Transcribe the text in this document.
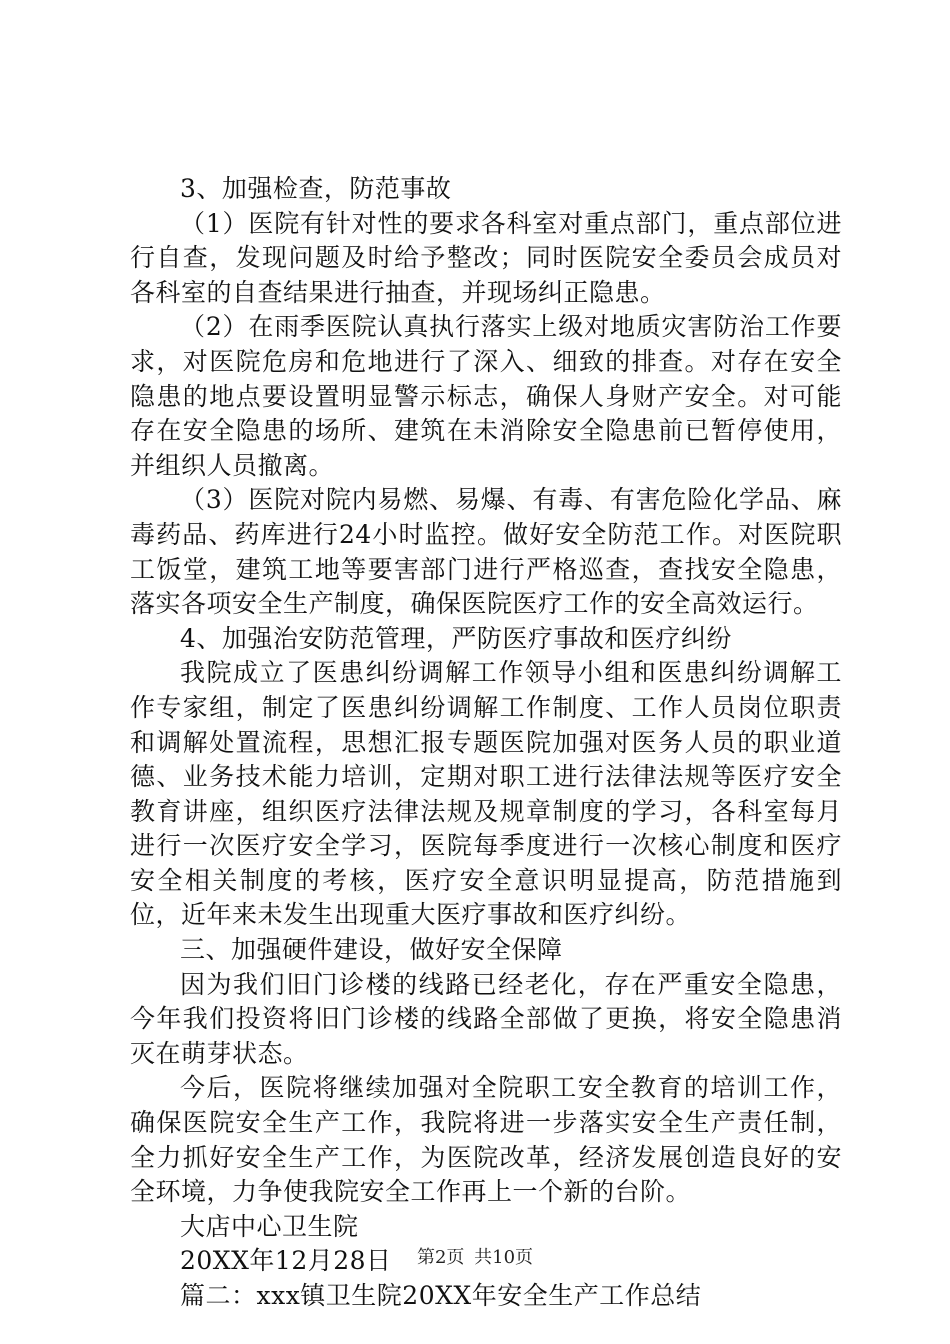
3、加强检查，防范事故

（1）医院有针对性的要求各科室对重点部门，重点部位进行自查，发现问题及时给予整改；同时医院安全委员会成员对各科室的自查结果进行抽查，并现场纠正隐患。

（2）在雨季医院认真执行落实上级对地质灾害防治工作要求，对医院危房和危地进行了深入、细致的排查。对存在安全隐患的地点要设置明显警示标志，确保人身财产安全。对可能存在安全隐患的场所、建筑在未消除安全隐患前已暂停使用，并组织人员撤离。

（3）医院对院内易燃、易爆、有毒、有害危险化学品、麻毒药品、药库进行24小时监控。做好安全防范工作。对医院职工饭堂，建筑工地等要害部门进行严格巡查，查找安全隐患，落实各项安全生产制度，确保医院医疗工作的安全高效运行。

4、加强治安防范管理，严防医疗事故和医疗纠纷

我院成立了医患纠纷调解工作领导小组和医患纠纷调解工作专家组，制定了医患纠纷调解工作制度、工作人员岗位职责和调解处置流程，思想汇报专题医院加强对医务人员的职业道德、业务技术能力培训，定期对职工进行法律法规等医疗安全教育讲座，组织医疗法律法规及规章制度的学习，各科室每月进行一次医疗安全学习，医院每季度进行一次核心制度和医疗安全相关制度的考核，医疗安全意识明显提高，防范措施到位，近年来未发生出现重大医疗事故和医疗纠纷。

三、加强硬件建设，做好安全保障

因为我们旧门诊楼的线路已经老化，存在严重安全隐患，今年我们投资将旧门诊楼的线路全部做了更换，将安全隐患消灭在萌芽状态。

今后，医院将继续加强对全院职工安全教育的培训工作，确保医院安全生产工作，我院将进一步落实安全生产责任制，全力抓好安全生产工作，为医院改革，经济发展创造良好的安全环境，力争使我院安全工作再上一个新的台阶。

大店中心卫生院

20XX年12月28日

篇二：xxx镇卫生院20XX年安全生产工作总结

第2页 共10页
